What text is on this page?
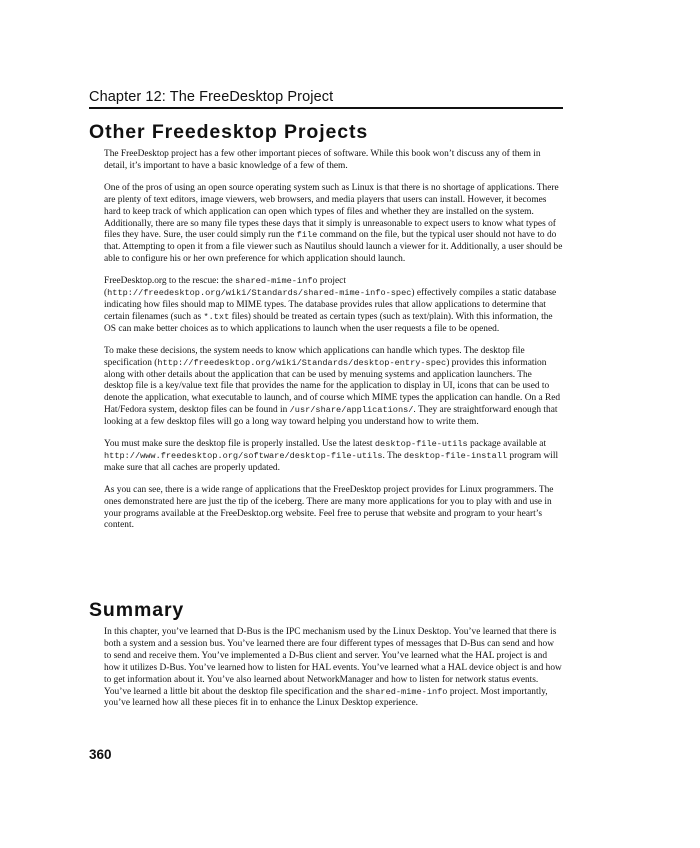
Chapter 12: The FreeDesktop Project
Other Freedesktop Projects

The FreeDesktop project has a few other important pieces of software. While this book won’t discuss any of them in detail, it’s important to have a basic knowledge of a few of them.

One of the pros of using an open source operating system such as Linux is that there is no shortage of applications. There are plenty of text editors, image viewers, web browsers, and media players that users can install. However, it becomes hard to keep track of which application can open which types of files and whether they are installed on the system. Additionally, there are so many file types these days that it simply is unreasonable to expect users to know what types of files they have. Sure, the user could simply run the file command on the file, but the typical user should not have to do that. Attempting to open it from a file viewer such as Nautilus should launch a viewer for it. Additionally, a user should be able to configure his or her own preference for which application should launch.

FreeDesktop.org to the rescue: the shared-mime-info project (http://freedesktop.org/wiki/Standards/shared-mime-info-spec) effectively compiles a static database indicating how files should map to MIME types. The database provides rules that allow applications to determine that certain filenames (such as *.txt files) should be treated as certain types (such as text/plain). With this information, the OS can make better choices as to which applications to launch when the user requests a file to be opened.

To make these decisions, the system needs to know which applications can handle which types. The desktop file specification (http://freedesktop.org/wiki/Standards/desktop-entry-spec) provides this information along with other details about the application that can be used by menuing systems and application launchers. The desktop file is a key/value text file that provides the name for the application to display in UI, icons that can be used to denote the application, what executable to launch, and of course which MIME types the application can handle. On a Red Hat/Fedora system, desktop files can be found in /usr/share/applications/. They are straightforward enough that looking at a few desktop files will go a long way toward helping you understand how to write them.

You must make sure the desktop file is properly installed. Use the latest desktop-file-utils package available at http://www.freedesktop.org/software/desktop-file-utils. The desktop-file-install program will make sure that all caches are properly updated.

As you can see, there is a wide range of applications that the FreeDesktop project provides for Linux programmers. The ones demonstrated here are just the tip of the iceberg. There are many more applications for you to play with and use in your programs available at the FreeDesktop.org website. Feel free to peruse that website and program to your heart’s content.

Summary

In this chapter, you’ve learned that D-Bus is the IPC mechanism used by the Linux Desktop. You’ve learned that there is both a system and a session bus. You’ve learned there are four different types of messages that D-Bus can send and how to send and receive them. You’ve implemented a D-Bus client and server. You’ve learned what the HAL project is and how it utilizes D-Bus. You’ve learned how to listen for HAL events. You’ve learned what a HAL device object is and how to get information about it. You’ve also learned about NetworkManager and how to listen for network status events. You’ve learned a little bit about the desktop file specification and the shared-mime-info project. Most importantly, you’ve learned how all these pieces fit in to enhance the Linux Desktop experience.

360
